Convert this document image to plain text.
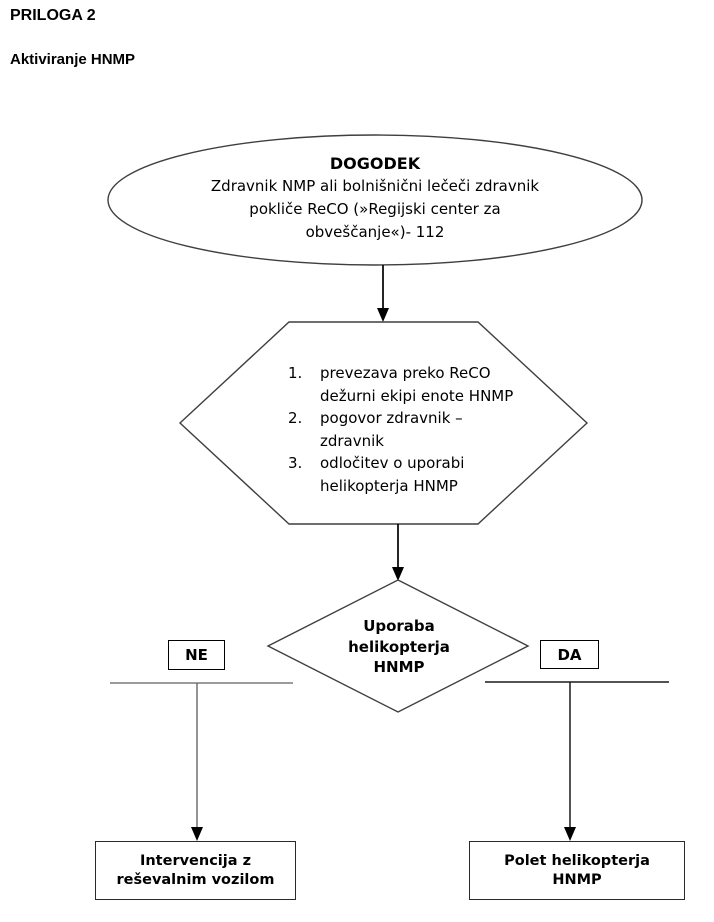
PRILOGA 2
Aktiviranje HNMP
DOGODEK
Zdravnik NMP ali bolnišnični lečeči zdravnik
pokliče ReCO (»Regijski center za
obveščanje«)- 112
1.	prevezava preko ReCO
dežurni ekipi enote HNMP
2.	pogovor zdravnik –
zdravnik
3.	odločitev o uporabi
helikopterja HNMP
Uporaba
helikopterja
HNMP
NE	DA
Intervencija z
reševalnim vozilom
Polet helikopterja
HNMP
